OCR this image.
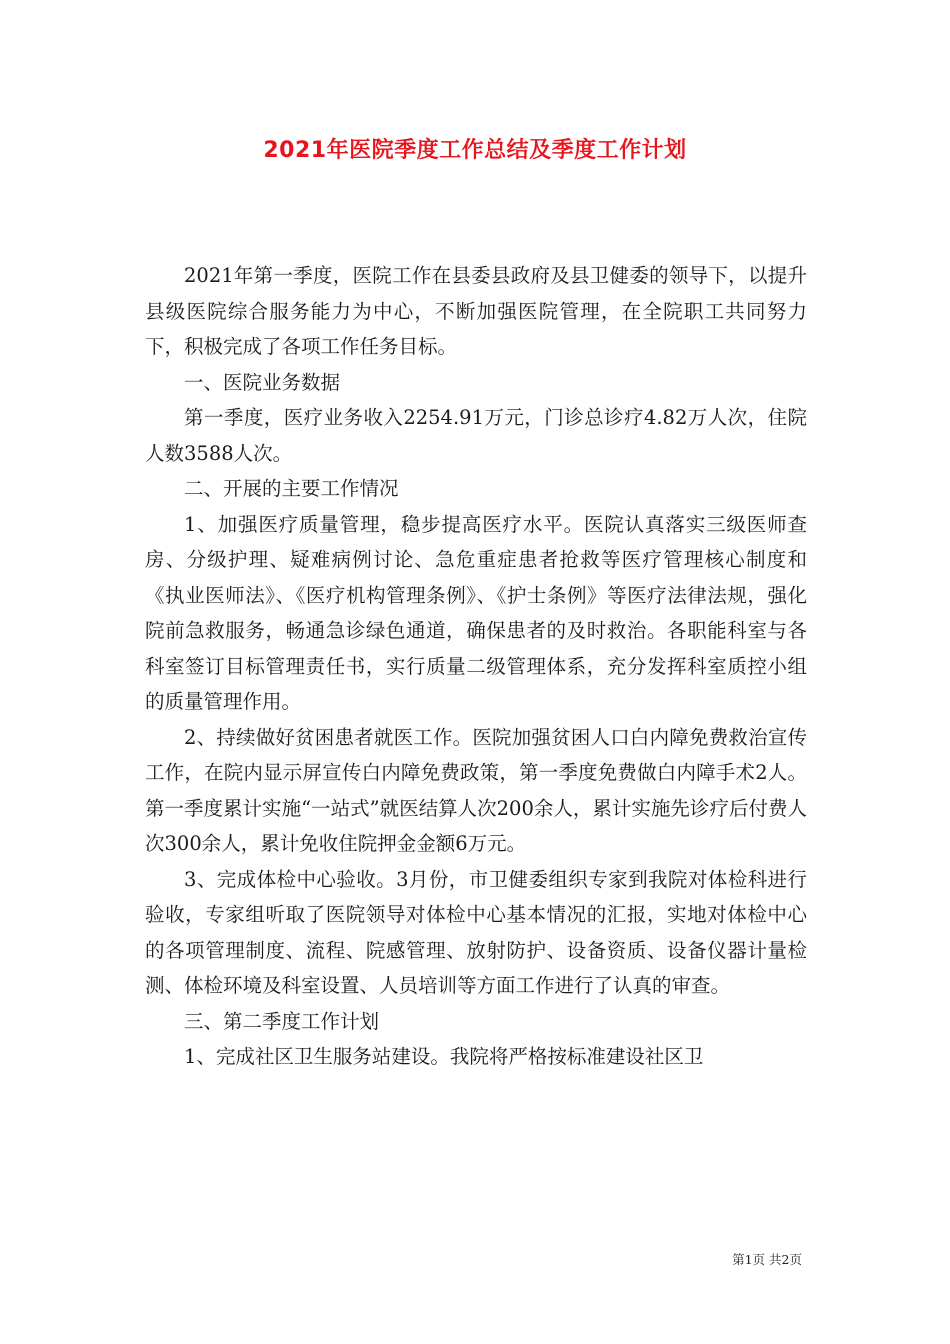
2021年医院季度工作总结及季度工作计划

2021年第一季度，医院工作在县委县政府及县卫健委的领导下，以提升县级医院综合服务能力为中心，不断加强医院管理，在全院职工共同努力下，积极完成了各项工作任务目标。

一、医院业务数据

第一季度，医疗业务收入2254.91万元，门诊总诊疗4.82万人次，住院人数3588人次。

二、开展的主要工作情况

1、加强医疗质量管理，稳步提高医疗水平。医院认真落实三级医师查房、分级护理、疑难病例讨论、急危重症患者抢救等医疗管理核心制度和《执业医师法》、《医疗机构管理条例》、《护士条例》等医疗法律法规，强化院前急救服务，畅通急诊绿色通道，确保患者的及时救治。各职能科室与各科室签订目标管理责任书，实行质量二级管理体系，充分发挥科室质控小组的质量管理作用。

2、持续做好贫困患者就医工作。医院加强贫困人口白内障免费救治宣传工作，在院内显示屏宣传白内障免费政策，第一季度免费做白内障手术2人。第一季度累计实施“一站式”就医结算人次200余人，累计实施先诊疗后付费人次300余人，累计免收住院押金金额6万元。

3、完成体检中心验收。3月份，市卫健委组织专家到我院对体检科进行验收，专家组听取了医院领导对体检中心基本情况的汇报，实地对体检中心的各项管理制度、流程、院感管理、放射防护、设备资质、设备仪器计量检测、体检环境及科室设置、人员培训等方面工作进行了认真的审查。

三、第二季度工作计划

1、完成社区卫生服务站建设。我院将严格按标准建设社区卫

第1页 共2页
